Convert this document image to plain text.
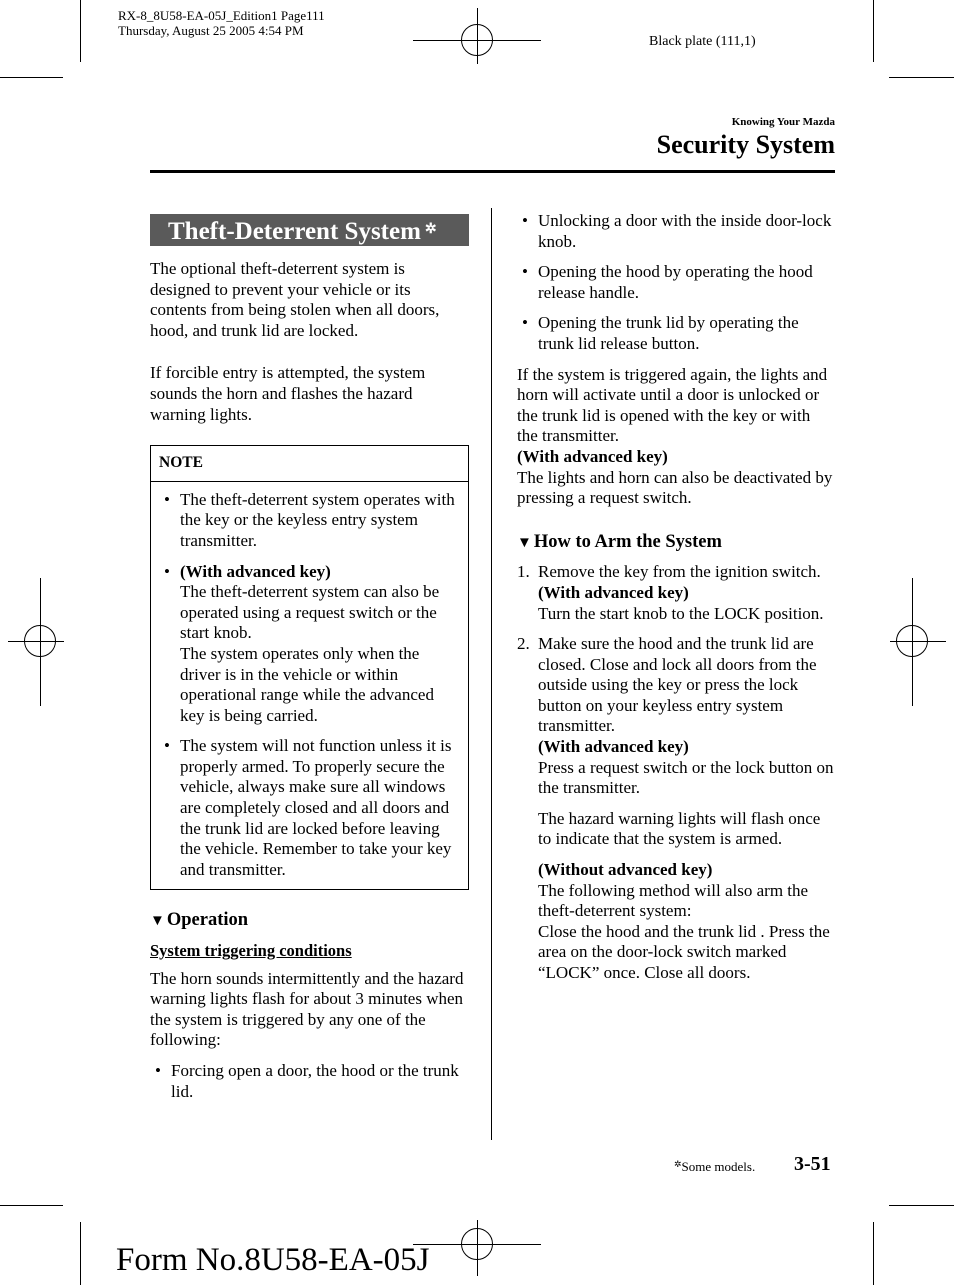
RX-8_8U58-EA-05J_Edition1 Page111
Thursday, August 25 2005 4:54 PM
Black plate (111,1)
Knowing Your Mazda
Security System
Theft-Deterrent System ✲

The optional theft-deterrent system is designed to prevent your vehicle or its contents from being stolen when all doors, hood, and trunk lid are locked.

If forcible entry is attempted, the system sounds the horn and flashes the hazard warning lights.

NOTE
• The theft-deterrent system operates with the key or the keyless entry system transmitter.
• (With advanced key)
The theft-deterrent system can also be operated using a request switch or the start knob.
The system operates only when the driver is in the vehicle or within operational range while the advanced key is being carried.
• The system will not function unless it is properly armed. To properly secure the vehicle, always make sure all windows are completely closed and all doors and the trunk lid are locked before leaving the vehicle. Remember to take your key and transmitter.
▼ Operation
System triggering conditions

The horn sounds intermittently and the hazard warning lights flash for about 3 minutes when the system is triggered by any one of the following:

• Forcing open a door, the hood or the trunk lid.
• Unlocking a door with the inside door-lock knob.
• Opening the hood by operating the hood release handle.
• Opening the trunk lid by operating the trunk lid release button.

If the system is triggered again, the lights and horn will activate until a door is unlocked or the trunk lid is opened with the key or with the transmitter.

(With advanced key)

The lights and horn can also be deactivated by pressing a request switch.

▼ How to Arm the System
1. Remove the key from the ignition switch.
(With advanced key)
Turn the start knob to the LOCK position.
2. Make sure the hood and the trunk lid are closed. Close and lock all doors from the outside using the key or press the lock button on your keyless entry system transmitter.
(With advanced key)
Press a request switch or the lock button on the transmitter.
The hazard warning lights will flash once to indicate that the system is armed.
(Without advanced key)
The following method will also arm the theft-deterrent system:
Close the hood and the trunk lid . Press the area on the door-lock switch marked “LOCK” once. Close all doors.
✲Some models. 3-51
Form No.8U58-EA-05J
